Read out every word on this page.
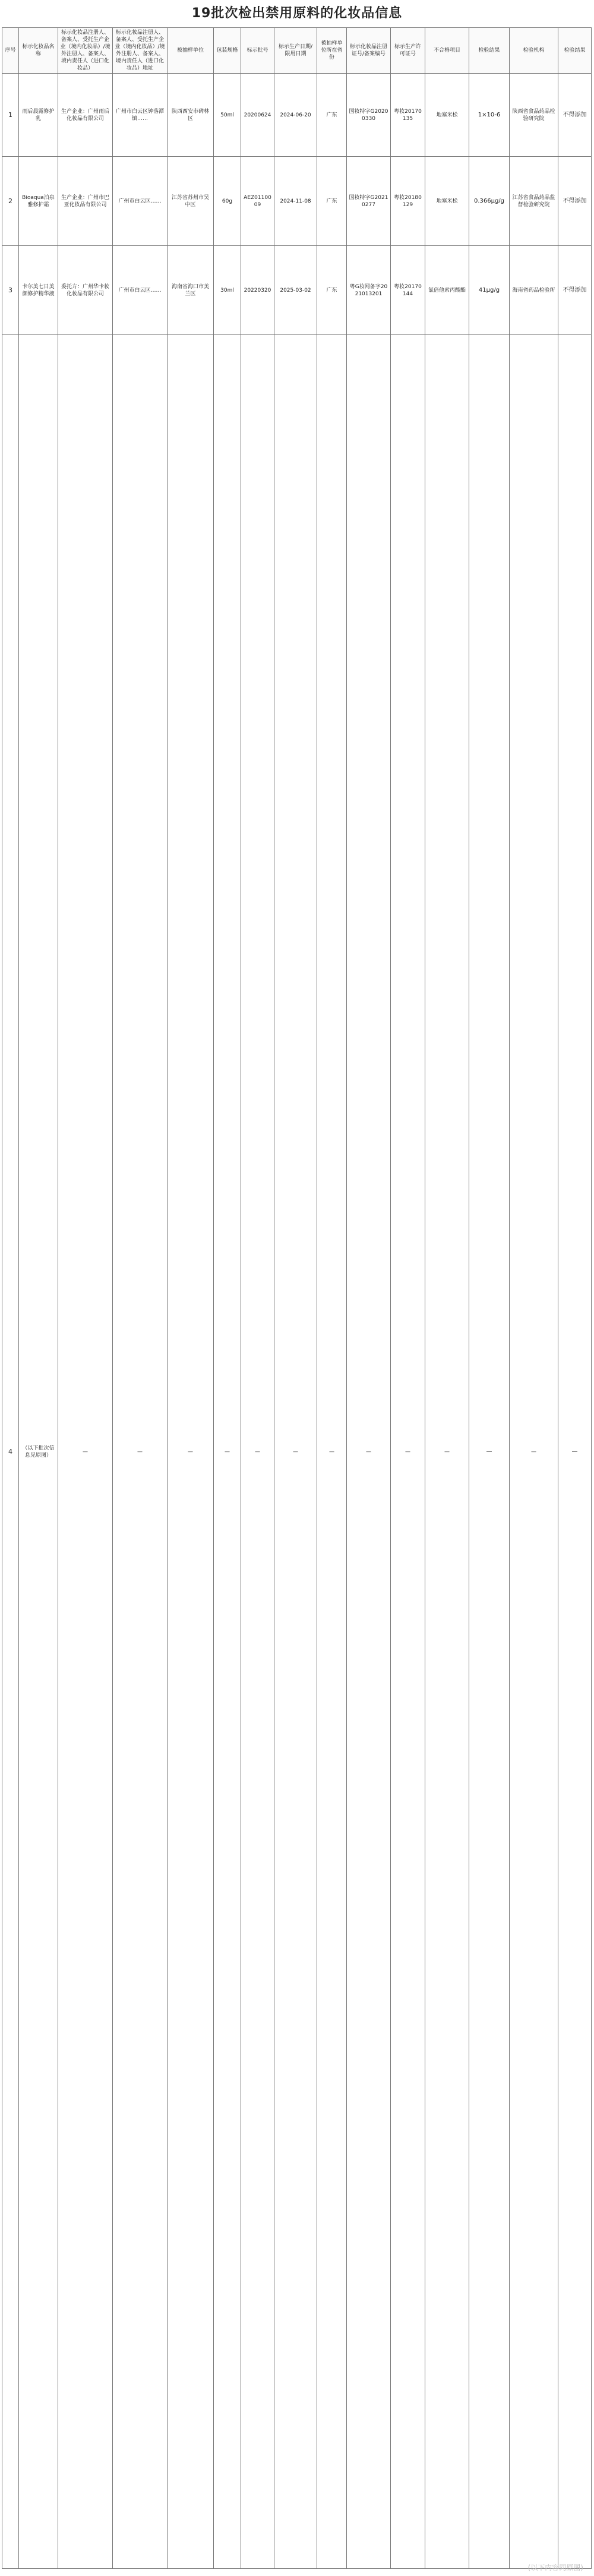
19批次检出禁用原料的化妆品信息
序号	标示化妆品名称	标示化妆品注册人、备案人、受托生产企业（境内化妆品）/境外注册人、备案人、境内责任人（进口化妆品）	标示化妆品注册人、备案人、受托生产企业（境内化妆品）/境外注册人、备案人、境内责任人（进口化妆品）地址	被抽样单位	包装规格	标示批号	标示生产日期/限用日期	被抽样单位所在省份	标示化妆品注册证号/备案编号	标示生产许可证号	不合格项目	检验结果	检验机构	检验结果
1	雨后晨露修护乳	生产企业：广州雨后化妆品有限公司	广州市白云区钟落潭镇……	陕西西安市碑林区	50ml	20200624	2024-06-20	广东	国妆特字G20200330	粤妆20170135	地塞米松	1×10-6	陕西省食品药品检验研究院	不得添加
2	Bioaqua泊泉雅修护霜	生产企业：广州市巴亚化妆品有限公司	广州市白云区……	江苏省苏州市吴中区	60g	AEZ0110009	2024-11-08	广东	国妆特字G20210277	粤妆20180129	地塞米松	0.366μg/g	江苏省食品药品监督检验研究院	不得添加
3	卡尔美七日美颜修护精华液	委托方：广州华卡妆化妆品有限公司	广州市白云区……	海南省海口市美兰区	30ml	20220320	2025-03-02	广东	粤G妆网备字2021013201	粤妆20170144	氯倍他索丙酸酯	41μg/g	海南省药品检验所	不得添加
4	（以下批次信息见原图）	—	—	—	—	—	—	—	—	—	—	—	—	—
(以下内容同原图)
